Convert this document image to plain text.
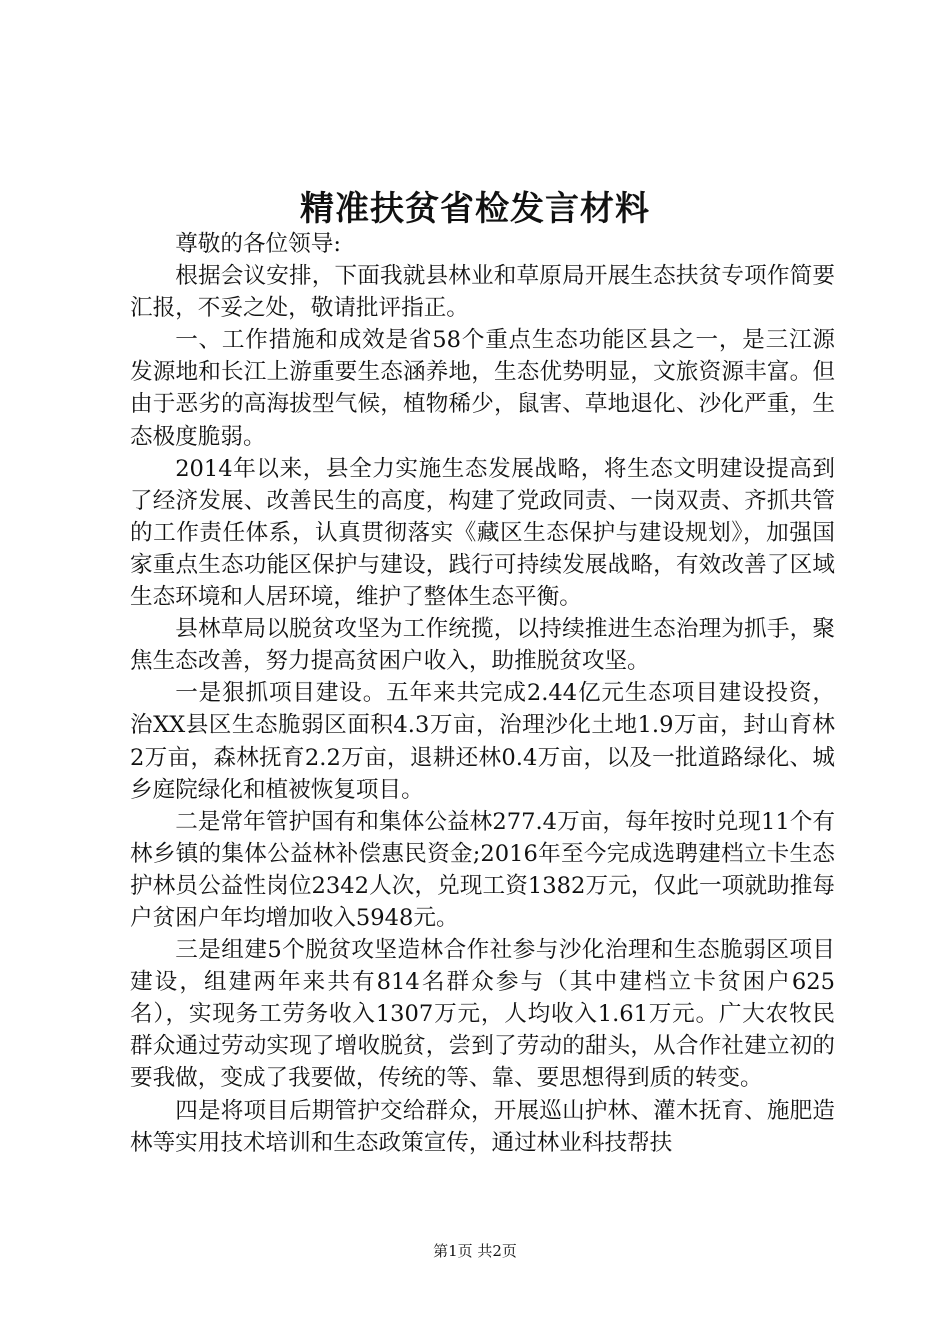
精准扶贫省检发言材料

尊敬的各位领导:

根据会议安排，下面我就县林业和草原局开展生态扶贫专项作简要汇报，不妥之处，敬请批评指正。

一、工作措施和成效是省58个重点生态功能区县之一，是三江源发源地和长江上游重要生态涵养地，生态优势明显，文旅资源丰富。但由于恶劣的高海拔型气候，植物稀少，鼠害、草地退化、沙化严重，生态极度脆弱。

2014年以来，县全力实施生态发展战略，将生态文明建设提高到了经济发展、改善民生的高度，构建了党政同责、一岗双责、齐抓共管的工作责任体系，认真贯彻落实《藏区生态保护与建设规划》，加强国家重点生态功能区保护与建设，践行可持续发展战略，有效改善了区域生态环境和人居环境，维护了整体生态平衡。

县林草局以脱贫攻坚为工作统揽，以持续推进生态治理为抓手，聚焦生态改善，努力提高贫困户收入，助推脱贫攻坚。

一是狠抓项目建设。五年来共完成2.44亿元生态项目建设投资，治XX县区生态脆弱区面积4.3万亩，治理沙化土地1.9万亩，封山育林2万亩，森林抚育2.2万亩，退耕还林0.4万亩，以及一批道路绿化、城乡庭院绿化和植被恢复项目。

二是常年管护国有和集体公益林277.4万亩，每年按时兑现11个有林乡镇的集体公益林补偿惠民资金;2016年至今完成选聘建档立卡生态护林员公益性岗位2342人次，兑现工资1382万元，仅此一项就助推每户贫困户年均增加收入5948元。

三是组建5个脱贫攻坚造林合作社参与沙化治理和生态脆弱区项目建设，组建两年来共有814名群众参与（其中建档立卡贫困户625名），实现务工劳务收入1307万元，人均收入1.61万元。广大农牧民群众通过劳动实现了增收脱贫，尝到了劳动的甜头，从合作社建立初的要我做，变成了我要做，传统的等、靠、要思想得到质的转变。

四是将项目后期管护交给群众，开展巡山护林、灌木抚育、施肥造林等实用技术培训和生态政策宣传，通过林业科技帮扶

第1页 共2页
